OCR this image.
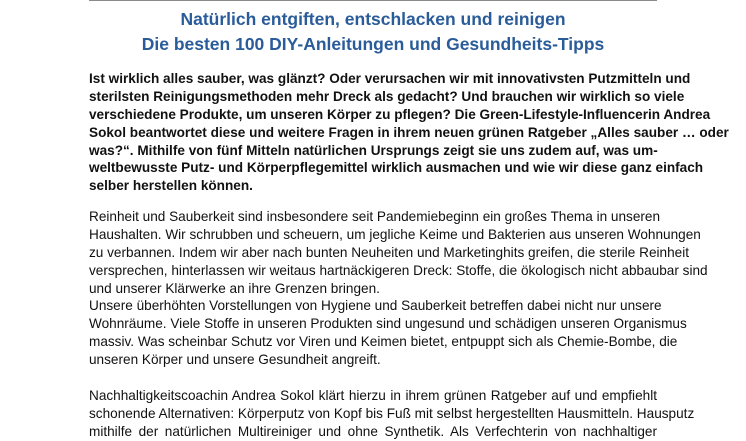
Natürlich entgiften, entschlacken und reinigen
Die besten 100 DIY-Anleitungen und Gesundheits-Tipps
Ist wirklich alles sauber, was glänzt? Oder verursachen wir mit innovativsten Putzmitteln und
sterilsten Reinigungsmethoden mehr Dreck als gedacht? Und brauchen wir wirklich so viele
verschiedene Produkte, um unseren Körper zu pflegen? Die Green-Lifestyle-Influencerin Andrea
Sokol beantwortet diese und weitere Fragen in ihrem neuen grünen Ratgeber „Alles sauber … oder
was?“. Mithilfe von fünf Mitteln natürlichen Ursprungs zeigt sie uns zudem auf, was um-
weltbewusste Putz- und Körperpflegemittel wirklich ausmachen und wie wir diese ganz einfach
selber herstellen können.
Reinheit und Sauberkeit sind insbesondere seit Pandemiebeginn ein großes Thema in unseren
Haushalten. Wir schrubben und scheuern, um jegliche Keime und Bakterien aus unseren Wohnungen
zu verbannen. Indem wir aber nach bunten Neuheiten und Marketinghits greifen, die sterile Reinheit
versprechen, hinterlassen wir weitaus hartnäckigeren Dreck: Stoffe, die ökologisch nicht abbaubar sind
und unserer Klärwerke an ihre Grenzen bringen.
Unsere überhöhten Vorstellungen von Hygiene und Sauberkeit betreffen dabei nicht nur unsere
Wohnräume. Viele Stoffe in unseren Produkten sind ungesund und schädigen unseren Organismus
massiv. Was scheinbar Schutz vor Viren und Keimen bietet, entpuppt sich als Chemie-Bombe, die
unseren Körper und unsere Gesundheit angreift.
Nachhaltigkeitscoachin Andrea Sokol klärt hierzu in ihrem grünen Ratgeber auf und empfiehlt
schonende Alternativen: Körperputz von Kopf bis Fuß mit selbst hergestellten Hausmitteln. Hausputz
mithilfe der natürlichen Multireiniger und ohne Synthetik. Als Verfechterin von nachhaltiger
